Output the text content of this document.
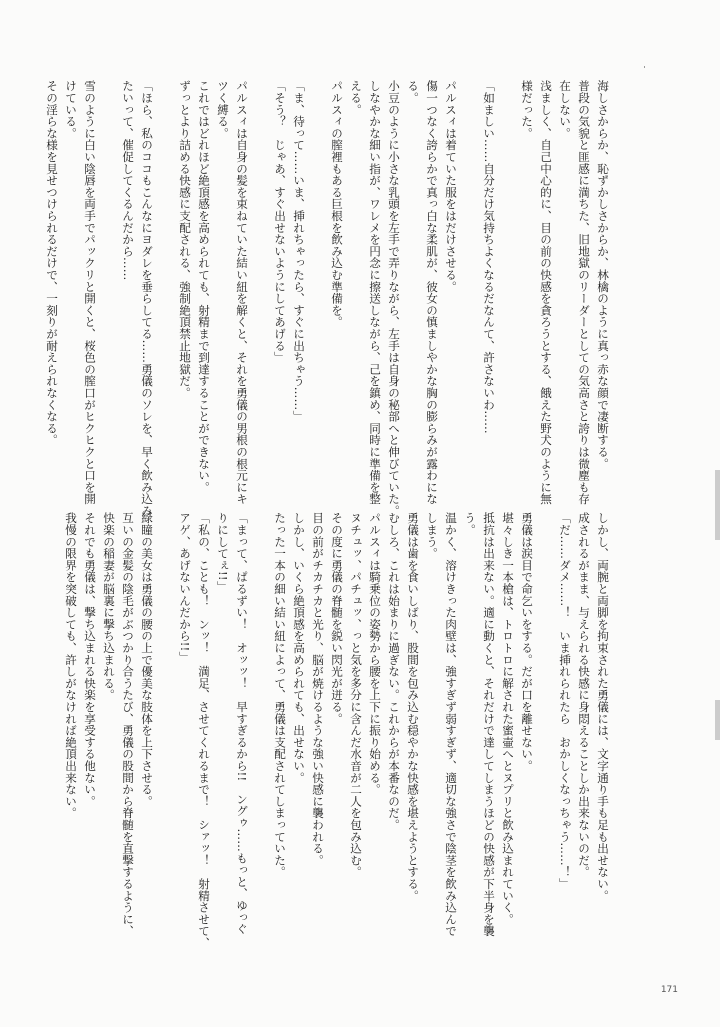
海しさからか、恥ずかしさからか、林檎のように真っ赤な顔で凄断する。
普段の気貌と匪感に満ちた、旧地獄のリーダーとしての気高さと誇りは微塵も存
在しない。
浅ましく、自己中心的に、目の前の快感を貪ろうとする、餓えた野犬のように無
様だった。

「如ましい……自分だけ気持ちよくなるだなんて、許さないわ……

パルスィは着ていた服をはだけさせる。
傷一つなく誇らかで真っ白な柔肌が、彼女の慎ましやかな胸の膨らみが露わにな
る。
小豆のように小さな乳頭を左手で弄りながら、左手は自身の秘部へと伸びていた。
しなやかな細い指が、ワレメを円念に擦送しながら、己を鎮め、同時に準備を整
える。
パルスィの膣裡もある巨根を飲み込む準備を。

「ま、待って……いま、挿れちゃったら、すぐに出ちゃう……」
「そう？　じゃあ、すぐ出せないようにしてあげる」

パルスィは自身の髪を束ねていた結い紐を解くと、それを勇儀の男根の根元にキ
ツく縛る。
これではどれほど絶頂感を高められても、射精まで到達することができない。
ずっとより詰める快感に支配される、強制絶頂禁止地獄だ。

「ほら、私のココもこんなにヨダレを垂らしてる……勇儀のソレを、早く飲み込み
たいって、催促してくるんだから……

雪のように白い陰唇を両手でパックリと開くと、桜色の膣口がヒクヒクと口を開
けている。
その淫らな様を見せつけられるだけで、一刻りが耐えられなくなる。
しかし、両腕と両脚を拘束された勇儀には、文字通り手も足も出せない。
成されるがまま、与えられる快感に身悶えることしか出来ないのだ。
「だ……ダメ……！　いま挿れられたら　おかしくなっちゃう……！」

勇儀は涙目で命乞いをする。だが口を離せない。
堪々しき一本槍は、トロトロに解された蜜壷へとヌプリと飲み込まれていく。
抵抗は出来ない。適に動くと、それだけで達してしまうほどの快感が下半身を襲
う。
温かく、溶けきった肉壁は、強すぎず弱すぎず、適切な強さで陰茎を飲み込んで
しまう。
勇儀は歯を食いしばり、股間を包み込む穏やかな快感を堪えようとする。
むしろ、これは始まりに過ぎない。これからが本番なのだ。
パルスィは騎乗位の姿勢から腰を上下に振り始める。
ヌチュッ、パチュッ、っと気を多分に含んだ水音が二人を包み込む。
その度に勇儀の脊髄を鋭い閃光が迸る。
目の前がチカチカと光り、脳が焼けるような強い快感に襲われる。
しかし、いくら絶頂感を高められても、出せない。
たった一本の細い結い紐によって、勇儀は支配されてしまっていた。

「まって、ぱるずい！　オッッ！　早すぎるから!!　ングゥ……もっと、ゆっぐ
りにしてぇ!!」
「私の、ことも！　ンッ！　満足、させてくれるまで！　シァッ！　射精させて、
アゲ、あげないんだから!!」

緑瞳の美女は勇儀の腰の上で優美な肢体を上下させる。
互いの金髪の陰毛がぶつかり合うたび、勇儀の股間から脊髄を直撃するように、
快楽の稲妻が脳裏に撃ち込まれる。
それでも勇儀は、撃ち込まれる快楽を享受する他ない。
我慢の限界を突破しても、許しがなければ絶頂出来ない。
171
